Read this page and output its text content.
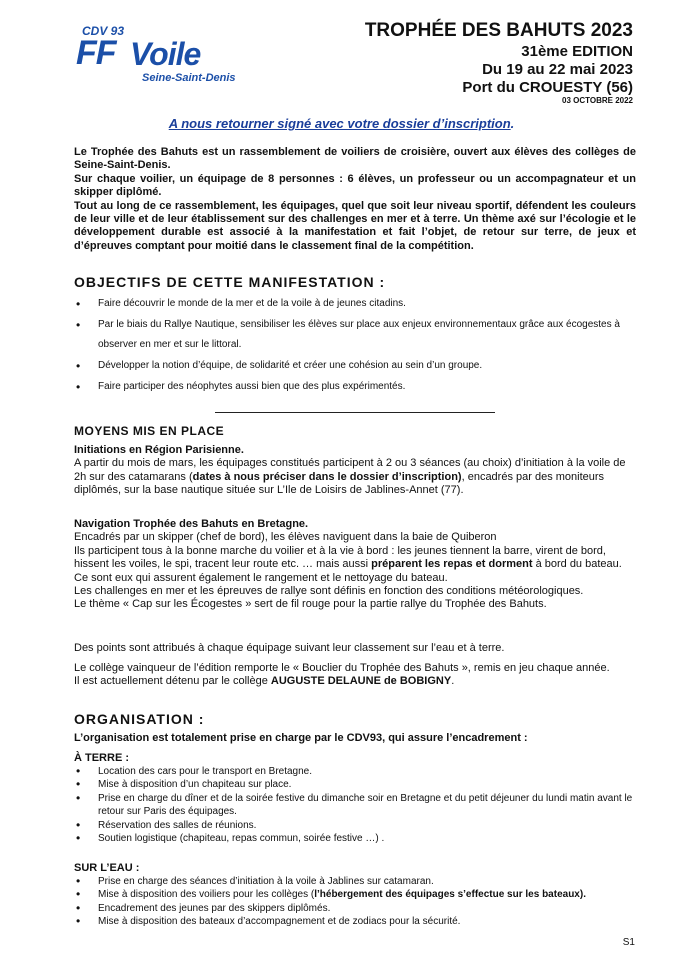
CDV 93
FF Voile
Seine-Saint-Denis
TROPHÉE DES BAHUTS 2023
31ème EDITION
Du 19 au 22 mai 2023
Port du CROUESTY (56)
03 OCTOBRE 2022
A nous retourner signé avec votre dossier d’inscription.
Le Trophée des Bahuts est un rassemblement de voiliers de croisière, ouvert aux élèves des collèges de Seine-Saint-Denis.
Sur chaque voilier, un équipage de 8 personnes : 6 élèves, un professeur ou un accompagnateur et un skipper diplômé.
Tout au long de ce rassemblement, les équipages, quel que soit leur niveau sportif, défendent les couleurs de leur ville et de leur établissement sur des challenges en mer et à terre. Un thème axé sur l’écologie et le développement durable est associé à la manifestation et fait l’objet, de retour sur terre, de jeux et d’épreuves comptant pour moitié dans le classement final de la compétition.
OBJECTIFS DE CETTE MANIFESTATION :
• Faire découvrir le monde de la mer et de la voile à de jeunes citadins.
• Par le biais du Rallye Nautique, sensibiliser les élèves sur place aux enjeux environnementaux grâce aux écogestes à observer en mer et sur le littoral.
• Développer la notion d’équipe, de solidarité et créer une cohésion au sein d’un groupe.
• Faire participer des néophytes aussi bien que des plus expérimentés.
MOYENS MIS EN PLACE
Initiations en Région Parisienne.
A partir du mois de mars, les équipages constitués participent à 2 ou 3 séances (au choix) d’initiation à la voile de 2h sur des catamarans (dates à nous préciser dans le dossier d’inscription), encadrés par des moniteurs diplômés, sur la base nautique située sur L’Ile de Loisirs de Jablines-Annet (77).
Navigation Trophée des Bahuts en Bretagne.
Encadrés par un skipper (chef de bord), les élèves naviguent dans la baie de Quiberon
Ils participent tous à la bonne marche du voilier et à la vie à bord : les jeunes tiennent la barre, virent de bord, hissent les voiles, le spi, tracent leur route etc. … mais aussi préparent les repas et dorment à bord du bateau.
Ce sont eux qui assurent également le rangement et le nettoyage du bateau.
Les challenges en mer et les épreuves de rallye sont définis en fonction des conditions météorologiques.
Le thème « Cap sur les Écogestes » sert de fil rouge pour la partie rallye du Trophée des Bahuts.
Des points sont attribués à chaque équipage suivant leur classement sur l’eau et à terre.
Le collège vainqueur de l’édition remporte le « Bouclier du Trophée des Bahuts », remis en jeu chaque année.
Il est actuellement détenu par le collège AUGUSTE DELAUNE de BOBIGNY.
ORGANISATION :
L’organisation est totalement prise en charge par le CDV93, qui assure l’encadrement :
À TERRE :
• Location des cars pour le transport en Bretagne.
• Mise à disposition d’un chapiteau sur place.
• Prise en charge du dîner et de la soirée festive du dimanche soir en Bretagne et du petit déjeuner du lundi matin avant le retour sur Paris des équipages.
• Réservation des salles de réunions.
• Soutien logistique (chapiteau, repas commun, soirée festive …) .
SUR L’EAU :
• Prise en charge des séances d’initiation à la voile à Jablines sur catamaran.
• Mise à disposition des voiliers pour les collèges (l’hébergement des équipages s’effectue sur les bateaux).
• Encadrement des jeunes par des skippers diplômés.
• Mise à disposition des bateaux d’accompagnement et de zodiacs pour la sécurité.
S1
